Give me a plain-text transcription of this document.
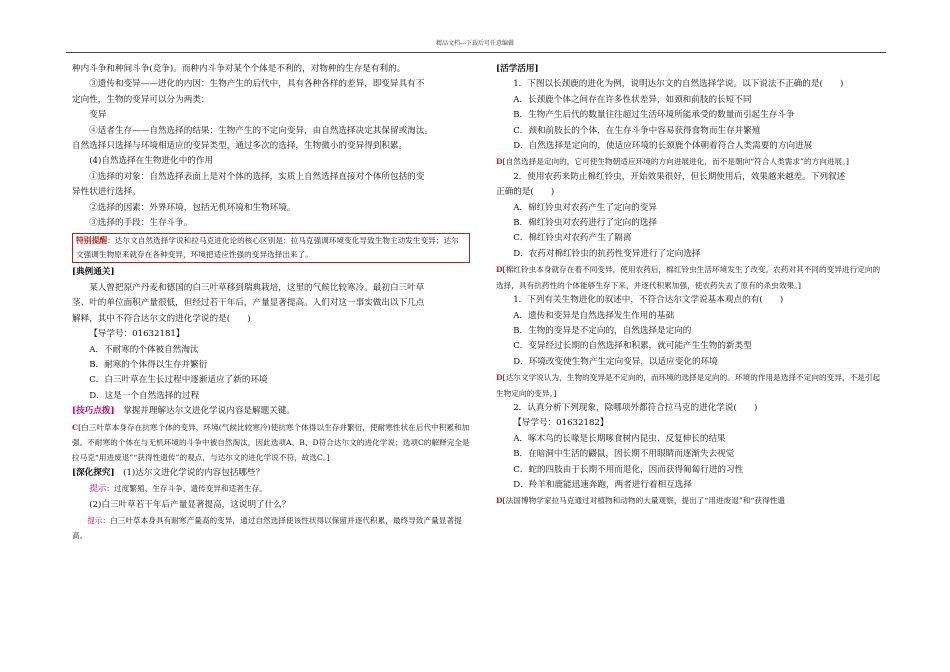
精品文档---下载后可任意编辑

种内斗争和种间斗争(竞争)。而种内斗争对某个个体是不利的，对物种的生存是有利的。

③遗传和变异——进化的内因：生物产生的后代中，具有各种各样的差异，即变异具有不

定向性，生物的变异可以分为两类：

变异

④适者生存——自然选择的结果：生物产生的不定向变异，由自然选择决定其保留或淘汰。

自然选择只选择与环境相适应的变异类型，通过多次的选择，生物微小的变异得到积累。

(4)自然选择在生物进化中的作用

①选择的对象：自然选择表面上是对个体的选择，实质上自然选择直接对个体所包括的变

异性状进行选择。

②选择的因素：外界环境，包括无机环境和生物环境。

③选择的手段：生存斗争。

特别提醒：达尔文自然选择学说和拉马克进化论的核心区别是：拉马克强调环境变化导致生物主动发生变异；达尔文强调生物原来就存在各种变异，环境把适应性强的变异选择出来了。

[典例通关]

某人曾把原产丹麦和德国的白三叶草移到瑞典栽培，这里的气候比较寒冷。最初白三叶草

茎、叶的单位面积产量很低，但经过若干年后，产量显著提高。人们对这一事实做出以下几点

解释，其中不符合达尔文的进化学说的是(　　)

【导学号：01632181】

A．不耐寒的个体被自然淘汰

B．耐寒的个体得以生存并繁衍

C．白三叶草在生长过程中逐渐适应了新的环境

D．这是一个自然选择的过程

[技巧点拨]　掌握并理解达尔文进化学说内容是解题关键。

C[白三叶草本身存在抗寒个体的变异，环境(气候比较寒冷)使抗寒个体得以生存并繁衍，使耐寒性状在后代中积累和加强。不耐寒的个体在与无机环境的斗争中被自然淘汰，因此选项A、B、D符合达尔文的进化学说；选项C的解释完全是拉马克“用进废退”“获得性遗传”的观点，与达尔文的进化学说不符，故选C。]

[深化探究]　(1)达尔文进化学说的内容包括哪些？

提示：过度繁殖、生存斗争、遗传变异和适者生存。

(2)白三叶草若干年后产量显著提高，这说明了什么？

提示：白三叶草本身具有耐寒产量高的变异，通过自然选择使该性状得以保留并逐代积累，最终导致产量显著提高。

[活学活用]

1．下图以长颈鹿的进化为例，说明达尔文的自然选择学说。以下说法不正确的是(　　)

A．长颈鹿个体之间存在许多性状差异，如颈和前肢的长短不同

B．生物产生后代的数量往往超过生活环境所能承受的数量而引起生存斗争

C．颈和前肢长的个体，在生存斗争中容易获得食物而生存并繁殖

D．自然选择是定向的，使适应环境的长颈鹿个体朝着符合人类需要的方向进展

D[自然选择是定向的，它可使生物朝适应环境的方向进展进化，而不是朝向“符合人类需求”的方向进展。]

2．使用农药来防止棉红铃虫，开始效果很好，但长期使用后，效果越来越差。下列叙述

正确的是(　　)

A．棉红铃虫对农药产生了定向的变异

B．棉红铃虫对农药进行了定向的选择

C．棉红铃虫对农药产生了隔离

D．农药对棉红铃虫的抗药性变异进行了定向选择

D[棉红铃虫本身就存在着不同变异，使用农药后，棉红铃虫生活环境发生了改变。农药对其不同的变异进行定向的选择，具有抗药性的个体能够生存下来，并逐代积累加强，使农药失去了原有的杀虫效果。]

1．下列有关生物进化的叙述中，不符合达尔文学说基本观点的有(　　)

A．遗传和变异是自然选择发生作用的基础

B．生物的变异是不定向的，自然选择是定向的

C．变异经过长期的自然选择和积累，就可能产生生物的新类型

D．环境改变使生物产生定向变异，以适应变化的环境

D[达尔文学说认为，生物的变异是不定向的，而环境的选择是定向的。环境的作用是选择不定向的变异，不是引起生物定向的变异。]

2．认真分析下列现象，除哪项外都符合拉马克的进化学说(　　)

【导学号：01632182】

A．啄木鸟的长喙是长期啄食树内昆虫、反复伸长的结果

B．在暗洞中生活的鼹鼠，因长期不用眼睛而逐渐失去视觉

C．蛇的四肢由于长期不用而退化，因而获得匍匐行进的习性

D．羚羊和鹿能迅速奔跑，两者进行着相互选择

D[法国博物学家拉马克通过对植物和动物的大量观察，提出了“用进废退”和“获得性遗
